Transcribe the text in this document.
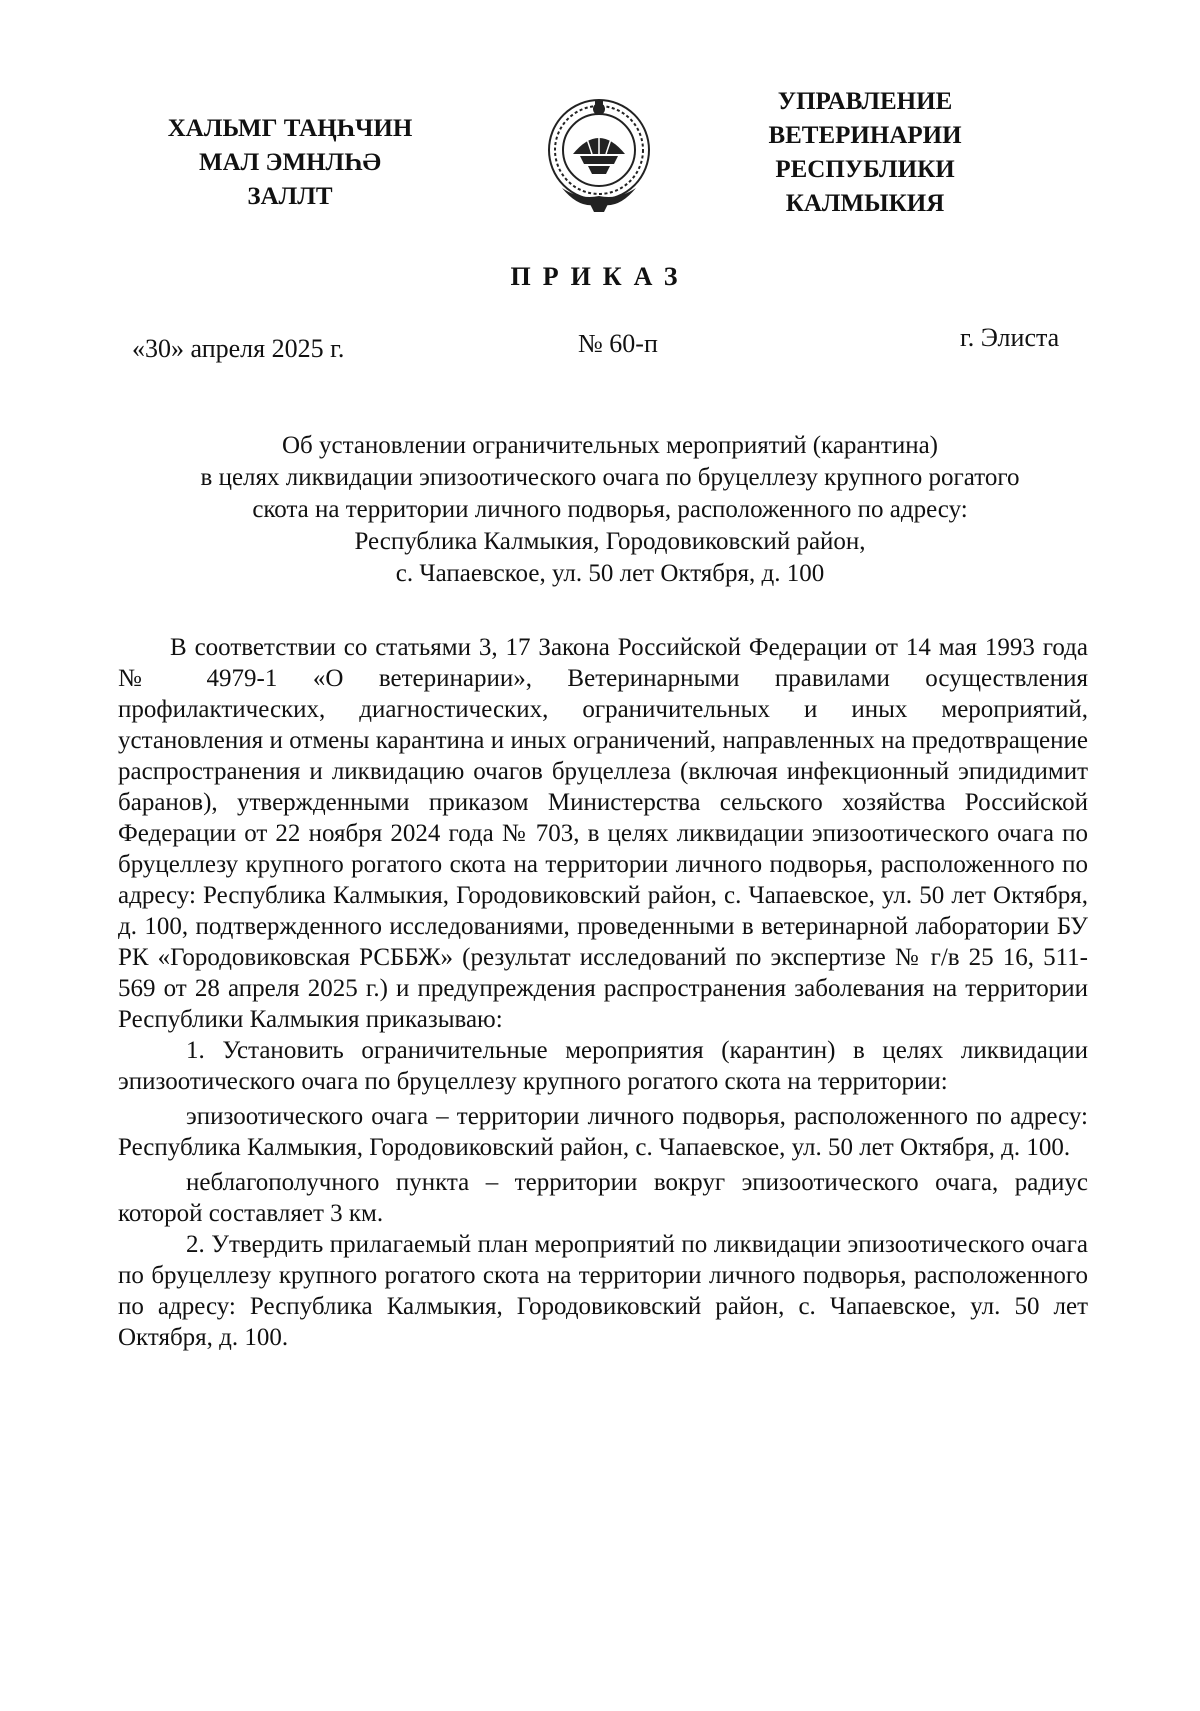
ХАЛЬМГ ТАҢҺЧИН
МАЛ ЭМНЛҺӘ
ЗАЛЛТ
УПРАВЛЕНИЕ
ВЕТЕРИНАРИИ
РЕСПУБЛИКИ
КАЛМЫКИЯ
ПРИКАЗ
«30» апреля 2025 г.	№ 60-п	г. Элиста
Об установлении ограничительных мероприятий (карантина)
в целях ликвидации эпизоотического очага по бруцеллезу крупного рогатого
скота на территории личного подворья, расположенного по адресу:
Республика Калмыкия, Городовиковский район,
с. Чапаевское, ул. 50 лет Октября, д. 100

В соответствии со статьями 3, 17 Закона Российской Федерации от 14 мая 1993 года № 4979-1 «О ветеринарии», Ветеринарными правилами осуществления профилактических, диагностических, ограничительных и иных мероприятий, установления и отмены карантина и иных ограничений, направленных на предотвращение распространения и ликвидацию очагов бруцеллеза (включая инфекционный эпидидимит баранов), утвержденными приказом Министерства сельского хозяйства Российской Федерации от 22 ноября 2024 года № 703, в целях ликвидации эпизоотического очага по бруцеллезу крупного рогатого скота на территории личного подворья, расположенного по адресу: Республика Калмыкия, Городовиковский район, с. Чапаевское, ул. 50 лет Октября, д. 100, подтвержденного исследованиями, проведенными в ветеринарной лаборатории БУ РК «Городовиковская РСББЖ» (результат исследований по экспертизе № г/в 25 16, 511-569 от 28 апреля 2025 г.) и предупреждения распространения заболевания на территории Республики Калмыкия приказываю:

1. Установить ограничительные мероприятия (карантин) в целях ликвидации эпизоотического очага по бруцеллезу крупного рогатого скота на территории:

эпизоотического очага – территории личного подворья, расположенного по адресу: Республика Калмыкия, Городовиковский район, с. Чапаевское, ул. 50 лет Октября, д. 100.

неблагополучного пункта – территории вокруг эпизоотического очага, радиус которой составляет 3 км.

2. Утвердить прилагаемый план мероприятий по ликвидации эпизоотического очага по бруцеллезу крупного рогатого скота на территории личного подворья, расположенного по адресу: Республика Калмыкия, Городовиковский район, с. Чапаевское, ул. 50 лет Октября, д. 100.
